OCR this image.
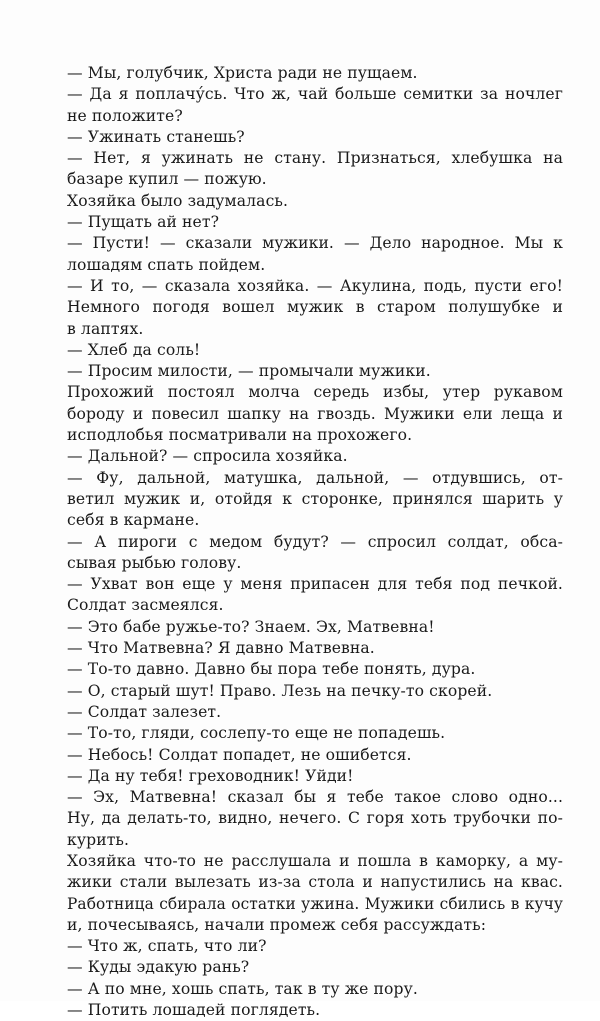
— Мы, голубчик, Христа ради не пущаем.
— Да я поплачу́сь. Что ж, чай больше семитки за ночлег
не положите?
— Ужинать станешь?
— Нет, я ужинать не стану. Признаться, хлебушка на
базаре купил — пожую.
Хозяйка было задумалась.
— Пущать ай нет?
— Пусти! — сказали мужики. — Дело народное. Мы к
лошадям спать пойдем.
— И то, — сказала хозяйка. — Акулина, подь, пусти его!
Немного погодя вошел мужик в старом полушубке и
в лаптях.
— Хлеб да соль!
— Просим милости, — промычали мужики.
Прохожий постоял молча середь избы, утер рукавом
бороду и повесил шапку на гвоздь. Мужики ели леща и
исподлобья посматривали на прохожего.
— Дальной? — спросила хозяйка.
— Фу, дальной, матушка, дальной, — отдувшись, от-
ветил мужик и, отойдя к сторонке, принялся шарить у
себя в кармане.
— А пироги с медом будут? — спросил солдат, обса-
сывая рыбью голову.
— Ухват вон еще у меня припасен для тебя под печкой.
Солдат засмеялся.
— Это бабе ружье-то? Знаем. Эх, Матвевна!
— Что Матвевна? Я давно Матвевна.
— То-то давно. Давно бы пора тебе понять, дура.
— О, старый шут! Право. Лезь на печку-то скорей.
— Солдат залезет.
— То-то, гляди, сослепу-то еще не попадешь.
— Небось! Солдат попадет, не ошибется.
— Да ну тебя! греховодник! Уйди!
— Эх, Матвевна! сказал бы я тебе такое слово одно...
Ну, да делать-то, видно, нечего. С горя хоть трубочки по-
курить.
Хозяйка что-то не расслушала и пошла в каморку, а му-
жики стали вылезать из-за стола и напустились на квас.
Работница сбирала остатки ужина. Мужики сбились в кучу
и, почесываясь, начали промеж себя рассуждать:
— Что ж, спать, что ли?
— Куды эдакую рань?
— А по мне, хошь спать, так в ту же пору.
— Потить лошадей поглядеть.
